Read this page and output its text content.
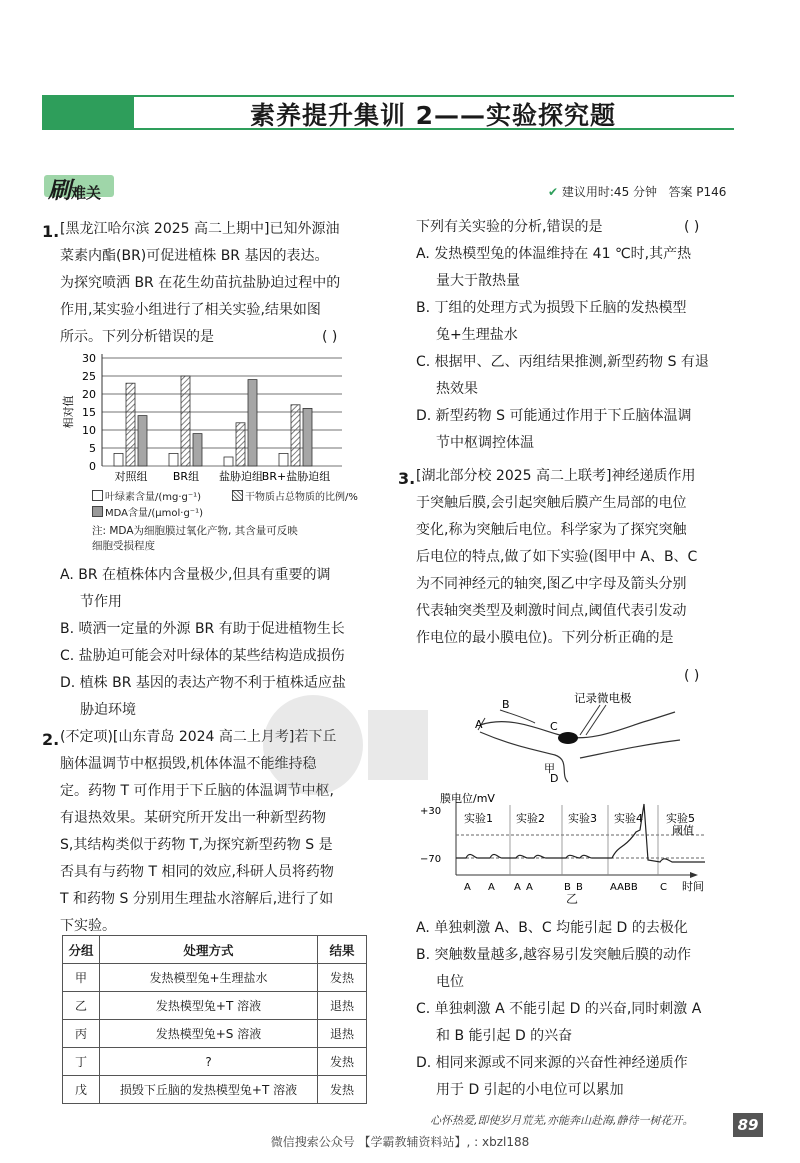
素养提升集训 2——实验探究题
刷难关	✔ 建议用时:45 分钟 答案 P146
1. [黑龙江哈尔滨 2025 高二上期中]已知外源油
菜素内酯(BR)可促进植株 BR 基因的表达。
为探究喷洒 BR 在花生幼苗抗盐胁迫过程中的
作用,某实验小组进行了相关实验,结果如图
所示。下列分析错误的是	( )
0
5
10
15
20
25
30
相对值
对照组 BR组 盐胁迫组
BR+盐胁迫组
叶绿素含量/(mg·g⁻¹)	干物质占总物质的比例/%
MDA含量/(μmol·g⁻¹)
注: MDA为细胞膜过氧化产物, 其含量可反映
细胞受损程度
A. BR 在植株体内含量极少,但具有重要的调
节作用
B. 喷洒一定量的外源 BR 有助于促进植物生长
C. 盐胁迫可能会对叶绿体的某些结构造成损伤
D. 植株 BR 基因的表达产物不利于植株适应盐
胁迫环境
2. (不定项)[山东青岛 2024 高二上月考]若下丘
脑体温调节中枢损毁,机体体温不能维持稳
定。药物 T 可作用于下丘脑的体温调节中枢,
有退热效果。某研究所开发出一种新型药物
S,其结构类似于药物 T,为探究新型药物 S 是
否具有与药物 T 相同的效应,科研人员将药物
T 和药物 S 分别用生理盐水溶解后,进行了如
下实验。
分组	处理方式	结果
甲	发热模型兔+生理盐水	发热
乙	发热模型兔+T 溶液	退热
丙	发热模型兔+S 溶液	退热
丁	?	发热
戊	损毁下丘脑的发热模型兔+T 溶液	发热
下列有关实验的分析,错误的是	( )
A. 发热模型兔的体温维持在 41 ℃时,其产热
量大于散热量
B. 丁组的处理方式为损毁下丘脑的发热模型
兔+生理盐水
C. 根据甲、乙、丙组结果推测,新型药物 S 有退
热效果
D. 新型药物 S 可能通过作用于下丘脑体温调
节中枢调控体温
3. [湖北部分校 2025 高二上联考]神经递质作用
于突触后膜,会引起突触后膜产生局部的电位
变化,称为突触后电位。科学家为了探究突触
后电位的特点,做了如下实验(图甲中 A、B、C
为不同神经元的轴突,图乙中字母及箭头分别
代表轴突类型及刺激时间点,阈值代表引发动
作电位的最小膜电位)。下列分析正确的是
( )
B
A
D
C
记录微电极
甲
膜电位/mV
+30
−70
实验1 实验2 实验3 实验4 实验5
阈值
A A A A	B B	AABB C 时间
乙
A. 单独刺激 A、B、C 均能引起 D 的去极化
B. 突触数量越多,越容易引发突触后膜的动作
电位
C. 单独刺激 A 不能引起 D 的兴奋,同时刺激 A
和 B 能引起 D 的兴奋
D. 相同来源或不同来源的兴奋性神经递质作
用于 D 引起的小电位可以累加
心怀热爱,即使岁月荒芜,亦能奔山赴海,静待一树花开。	89
微信搜索公众号 【学霸教辅资料站】, : xbzl188
